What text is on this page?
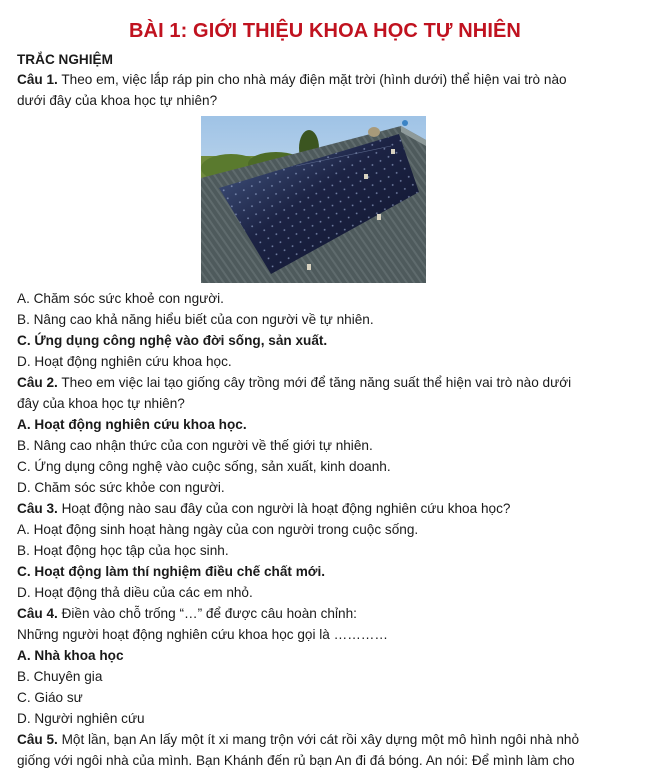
BÀI 1: GIỚI THIỆU KHOA HỌC TỰ NHIÊN
TRẮC NGHIỆM
Câu 1. Theo em, việc lắp ráp pin cho nhà máy điện mặt trời (hình dưới) thể hiện vai trò nào
dưới đây của khoa học tự nhiên?
A. Chăm sóc sức khoẻ con người.
B. Nâng cao khả năng hiểu biết của con người về tự nhiên.
C. Ứng dụng công nghệ vào đời sống, sản xuất.
D. Hoạt động nghiên cứu khoa học.
Câu 2. Theo em việc lai tạo giống cây trồng mới để tăng năng suất thể hiện vai trò nào dưới
đây của khoa học tự nhiên?
A. Hoạt động nghiên cứu khoa học.
B. Nâng cao nhận thức của con người về thế giới tự nhiên.
C. Ứng dụng công nghệ vào cuộc sống, sản xuất, kinh doanh.
D. Chăm sóc sức khỏe con người.
Câu 3. Hoạt động nào sau đây của con người là hoạt động nghiên cứu khoa học?
A. Hoạt động sinh hoạt hàng ngày của con người trong cuộc sống.
B. Hoạt động học tập của học sinh.
C. Hoạt động làm thí nghiệm điều chế chất mới.
D. Hoạt động thả diều của các em nhỏ.
Câu 4. Điền vào chỗ trống “…” để được câu hoàn chỉnh:
Những người hoạt động nghiên cứu khoa học gọi là …………
A. Nhà khoa học
B. Chuyên gia
C. Giáo sư
D. Người nghiên cứu
Câu 5. Một lần, bạn An lấy một ít xi mang trộn với cát rồi xây dựng một mô hình ngôi nhà nhỏ
giống với ngôi nhà của mình. Bạn Khánh đến rủ bạn An đi đá bóng. An nói: Để mình làm cho
